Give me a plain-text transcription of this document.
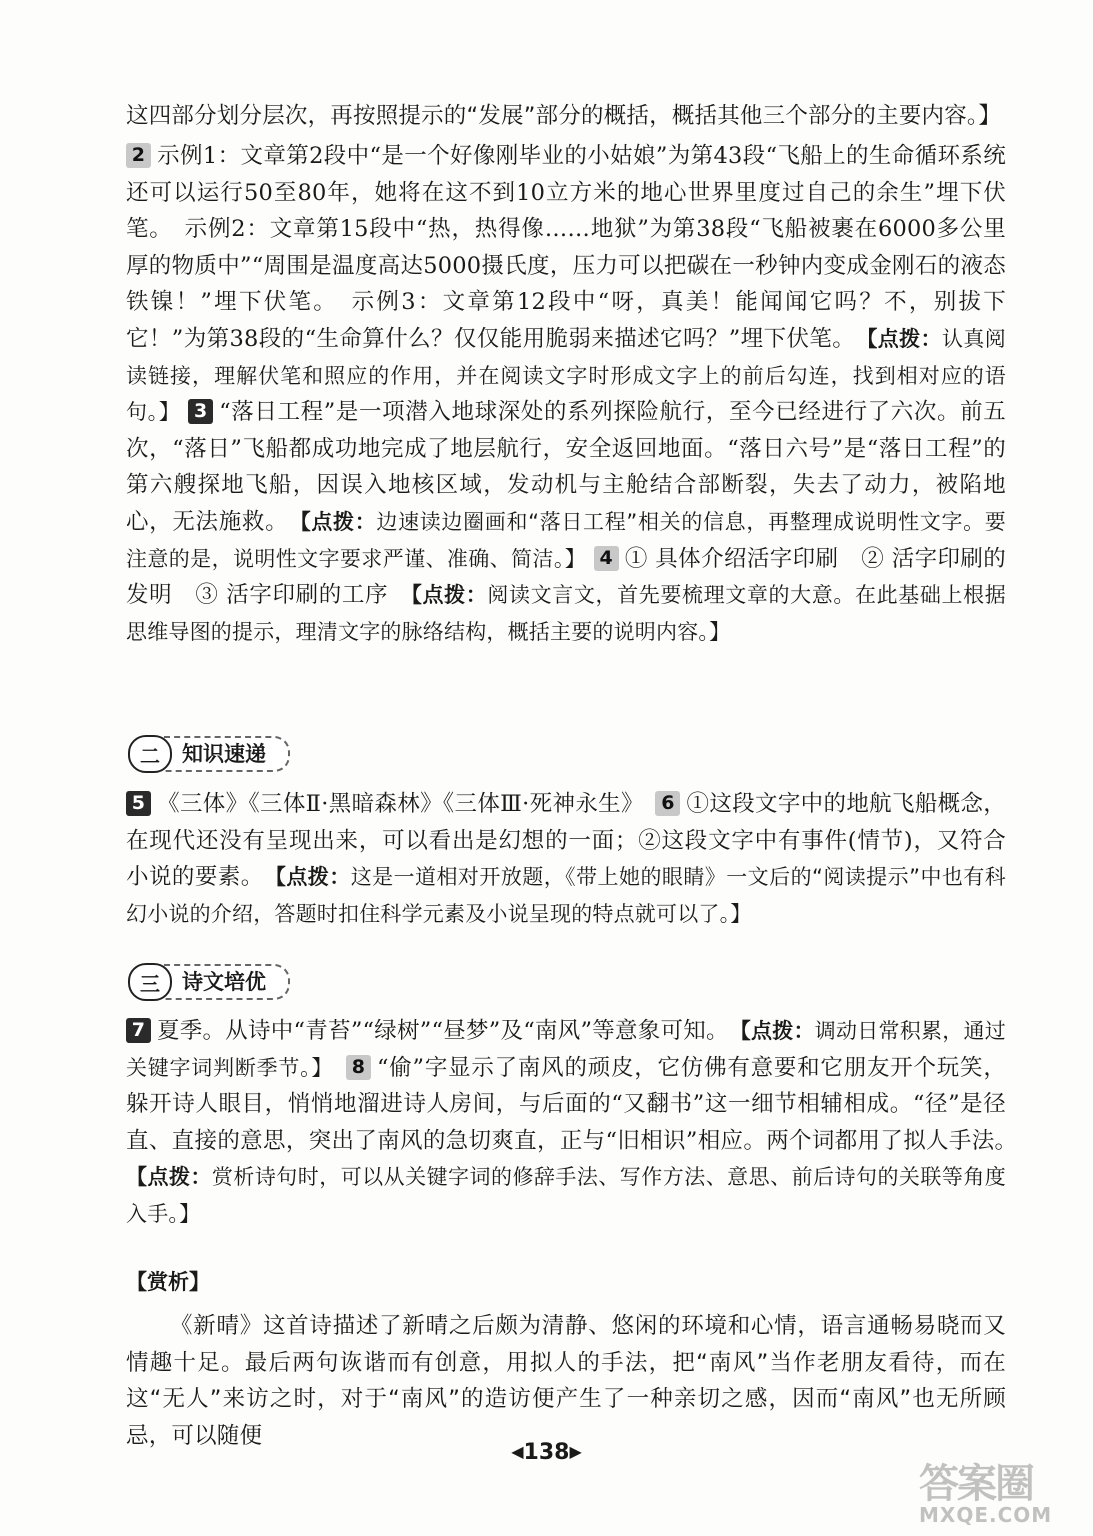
这四部分划分层次，再按照提示的“发展”部分的概括，概括其他三个部分的主要内容。】

2 示例1：文章第2段中“是一个好像刚毕业的小姑娘”为第43段“飞船上的生命循环系统还可以运行50至80年，她将在这不到10立方米的地心世界里度过自己的余生”埋下伏笔。　示例2：文章第15段中“热，热得像……地狱”为第38段“飞船被裹在6000多公里厚的物质中”“周围是温度高达5000摄氏度，压力可以把碳在一秒钟内变成金刚石的液态铁镍！”埋下伏笔。　示例3：文章第12段中“呀，真美！能闻闻它吗？不，别拔下它！”为第38段的“生命算什么？仅仅能用脆弱来描述它吗？”埋下伏笔。　 【点拨：认真阅读链接，理解伏笔和照应的作用，并在阅读文字时形成文字上的前后勾连，找到相对应的语句。】 3 “落日工程”是一项潜入地球深处的系列探险航行，至今已经进行了六次。前五次，“落日”飞船都成功地完成了地层航行，安全返回地面。“落日六号”是“落日工程”的第六艘探地飞船，因误入地核区域，发动机与主舱结合部断裂，失去了动力，被陷地心，无法施救。　 【点拨：边速读边圈画和“落日工程”相关的信息，再整理成说明性文字。要注意的是，说明性文字要求严谨、准确、简洁。】 4 ① 具体介绍活字印刷　② 活字印刷的发明　③ 活字印刷的工序　 【点拨：阅读文言文，首先要梳理文章的大意。在此基础上根据思维导图的提示，理清文字的脉络结构，概括主要的说明内容。】

二	知识速递

5 《三体》《三体Ⅱ·黑暗森林》《三体Ⅲ·死神永生》　 6 ①这段文字中的地航飞船概念，在现代还没有呈现出来，可以看出是幻想的一面；②这段文字中有事件(情节)，又符合小说的要素。　 【点拨：这是一道相对开放题，《带上她的眼睛》一文后的“阅读提示”中也有科幻小说的介绍，答题时扣住科学元素及小说呈现的特点就可以了。】

三	诗文培优

7 夏季。从诗中“青苔”“绿树”“昼梦”及“南风”等意象可知。　 【点拨：调动日常积累，通过关键字词判断季节。】　 8 “偷”字显示了南风的顽皮，它仿佛有意要和它朋友开个玩笑，躲开诗人眼目，悄悄地溜进诗人房间，与后面的“又翻书”这一细节相辅相成。“径”是径直、直接的意思，突出了南风的急切爽直，正与“旧相识”相应。两个词都用了拟人手法。　【点拨：赏析诗句时，可以从关键字词的修辞手法、写作方法、意思、前后诗句的关联等角度入手。】

【赏析】

《新晴》这首诗描述了新晴之后颇为清静、悠闲的环境和心情，语言通畅易晓而又情趣十足。最后两句诙谐而有创意，用拟人的手法，把“南风”当作老朋友看待，而在这“无人”来访之时，对于“南风”的造访便产生了一种亲切之感，因而“南风”也无所顾忌，可以随便

◀138▶
答案圈
MXQE.COM
